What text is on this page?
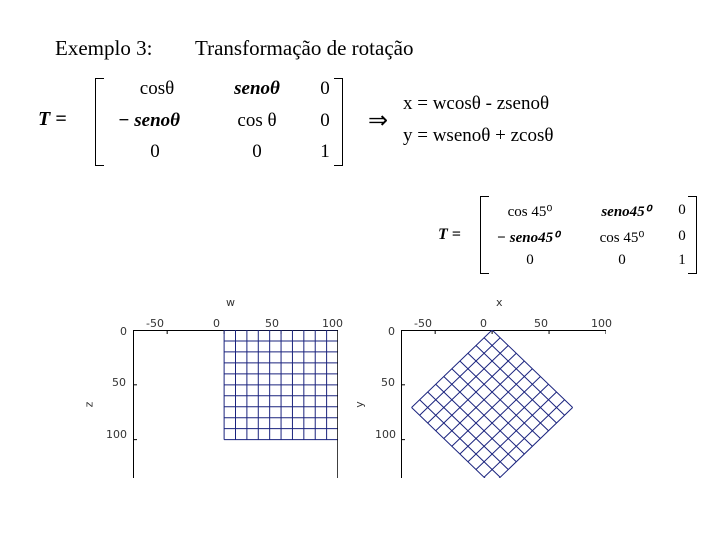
Exemplo 3: Transformação de rotação
T =
cosθ	senoθ 0
− senoθ	cos θ 0
0	0	1
⇒
x = wcosθ - zsenoθ
y = wsenoθ + zcosθ
T =
cos 45⁰	seno45⁰ 0
− seno45⁰	cos 45⁰ 0
0	0	1
w
z
-50	0	50	100
0
50
100
x
y
-50	0	50	100
0
50
100
